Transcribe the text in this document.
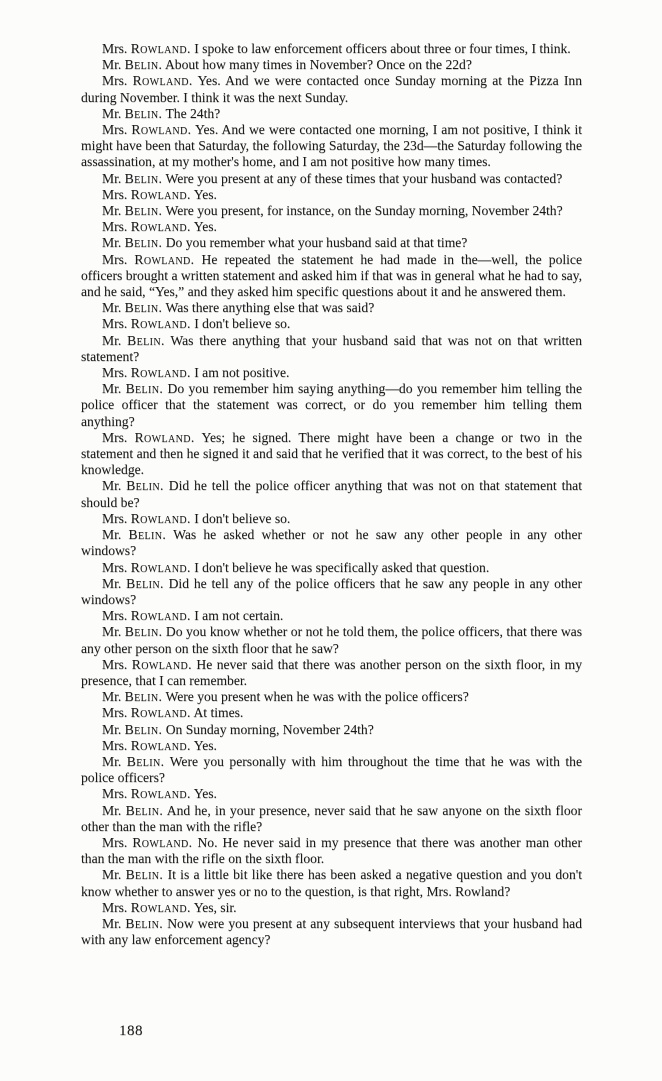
Mrs. Rowland. I spoke to law enforcement officers about three or four times, I think.

Mr. Belin. About how many times in November? Once on the 22d?

Mrs. Rowland. Yes. And we were contacted once Sunday morning at the Pizza Inn during November. I think it was the next Sunday.

Mr. Belin. The 24th?

Mrs. Rowland. Yes. And we were contacted one morning, I am not positive, I think it might have been that Saturday, the following Saturday, the 23d—the Saturday following the assassination, at my mother's home, and I am not positive how many times.

Mr. Belin. Were you present at any of these times that your husband was contacted?

Mrs. Rowland. Yes.

Mr. Belin. Were you present, for instance, on the Sunday morning, November 24th?

Mrs. Rowland. Yes.

Mr. Belin. Do you remember what your husband said at that time?

Mrs. Rowland. He repeated the statement he had made in the—well, the police officers brought a written statement and asked him if that was in general what he had to say, and he said, “Yes,” and they asked him specific questions about it and he answered them.

Mr. Belin. Was there anything else that was said?

Mrs. Rowland. I don't believe so.

Mr. Belin. Was there anything that your husband said that was not on that written statement?

Mrs. Rowland. I am not positive.

Mr. Belin. Do you remember him saying anything—do you remember him telling the police officer that the statement was correct, or do you remember him telling them anything?

Mrs. Rowland. Yes; he signed. There might have been a change or two in the statement and then he signed it and said that he verified that it was correct, to the best of his knowledge.

Mr. Belin. Did he tell the police officer anything that was not on that statement that should be?

Mrs. Rowland. I don't believe so.

Mr. Belin. Was he asked whether or not he saw any other people in any other windows?

Mrs. Rowland. I don't believe he was specifically asked that question.

Mr. Belin. Did he tell any of the police officers that he saw any people in any other windows?

Mrs. Rowland. I am not certain.

Mr. Belin. Do you know whether or not he told them, the police officers, that there was any other person on the sixth floor that he saw?

Mrs. Rowland. He never said that there was another person on the sixth floor, in my presence, that I can remember.

Mr. Belin. Were you present when he was with the police officers?

Mrs. Rowland. At times.

Mr. Belin. On Sunday morning, November 24th?

Mrs. Rowland. Yes.

Mr. Belin. Were you personally with him throughout the time that he was with the police officers?

Mrs. Rowland. Yes.

Mr. Belin. And he, in your presence, never said that he saw anyone on the sixth floor other than the man with the rifle?

Mrs. Rowland. No. He never said in my presence that there was another man other than the man with the rifle on the sixth floor.

Mr. Belin. It is a little bit like there has been asked a negative question and you don't know whether to answer yes or no to the question, is that right, Mrs. Rowland?

Mrs. Rowland. Yes, sir.

Mr. Belin. Now were you present at any subsequent interviews that your husband had with any law enforcement agency?

188
